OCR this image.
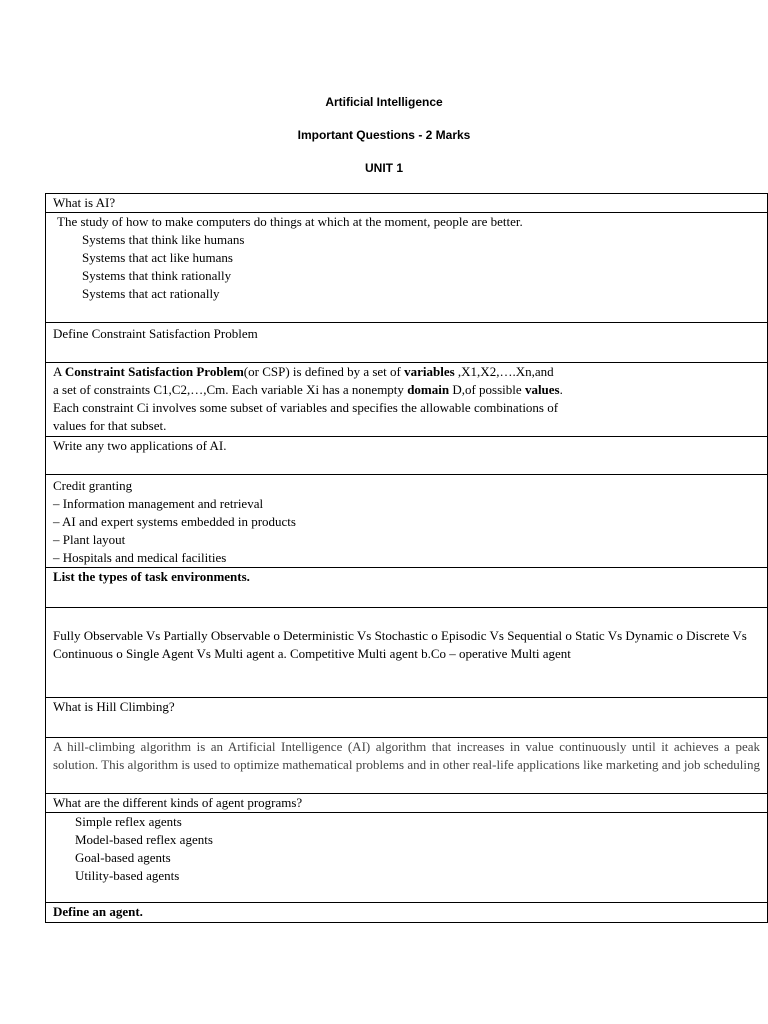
Artificial Intelligence
Important Questions - 2 Marks
UNIT 1
What is AI?

The study of how to make computers do things at which at the moment, people are better.
Systems that think like humans
Systems that act like humans
Systems that think rationally
Systems that act rationally

Define Constraint Satisfaction Problem

A Constraint Satisfaction Problem(or CSP) is defined by a set of variables ,X1,X2,….Xn,and
a set of constraints C1,C2,…,Cm. Each variable Xi has a nonempty domain D,of possible values.
Each constraint Ci involves some subset of variables and specifies the allowable combinations of
values for that subset.

Write any two applications of AI.

Credit granting
– Information management and retrieval
– AI and expert systems embedded in products
– Plant layout
– Hospitals and medical facilities

List the types of task environments.

Fully Observable Vs Partially Observable o Deterministic Vs Stochastic o Episodic Vs Sequential o Static Vs Dynamic o Discrete Vs Continuous o Single Agent Vs Multi agent a. Competitive Multi agent b.Co – operative Multi agent

What is Hill Climbing?

A hill-climbing algorithm is an Artificial Intelligence (AI) algorithm that increases in value continuously until it achieves a peak solution. This algorithm is used to optimize mathematical problems and in other real-life applications like marketing and job scheduling

What are the different kinds of agent programs?

Simple reflex agents
Model-based reflex agents
Goal-based agents
Utility-based agents

Define an agent.
